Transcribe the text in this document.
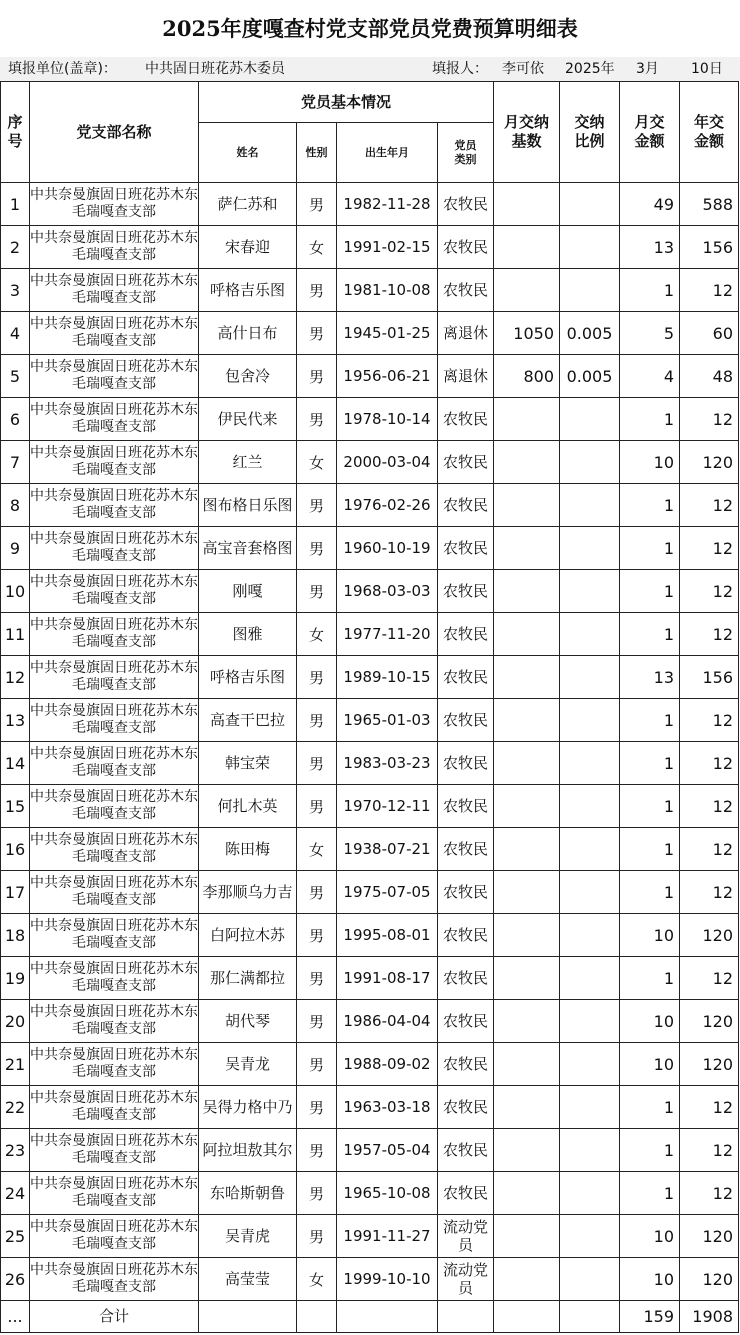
2025年度嘎查村党支部党员党费预算明细表
填报单位(盖章)： 中共固日班花苏木委员	填报人： 李可依 2025年 3月 10日
序号	党支部名称	党员基本情况				月交纳基数	交纳比例	月交金额	年交金额
		姓名	性别	出生年月	党员类别				
1	中共奈曼旗固日班花苏木东毛瑞嘎查支部	萨仁苏和	男	1982-11-28	农牧民			49	588
2	中共奈曼旗固日班花苏木东毛瑞嘎查支部	宋春迎	女	1991-02-15	农牧民			13	156
3	中共奈曼旗固日班花苏木东毛瑞嘎查支部	呼格吉乐图	男	1981-10-08	农牧民			1	12
4	中共奈曼旗固日班花苏木东毛瑞嘎查支部	高什日布	男	1945-01-25	离退休	1050	0.005	5	60
5	中共奈曼旗固日班花苏木东毛瑞嘎查支部	包舍冷	男	1956-06-21	离退休	800	0.005	4	48
6	中共奈曼旗固日班花苏木东毛瑞嘎查支部	伊民代来	男	1978-10-14	农牧民			1	12
7	中共奈曼旗固日班花苏木东毛瑞嘎查支部	红兰	女	2000-03-04	农牧民			10	120
8	中共奈曼旗固日班花苏木东毛瑞嘎查支部	图布格日乐图	男	1976-02-26	农牧民			1	12
9	中共奈曼旗固日班花苏木东毛瑞嘎查支部	高宝音套格图	男	1960-10-19	农牧民			1	12
10	中共奈曼旗固日班花苏木东毛瑞嘎查支部	刚嘎	男	1968-03-03	农牧民			1	12
11	中共奈曼旗固日班花苏木东毛瑞嘎查支部	图雅	女	1977-11-20	农牧民			1	12
12	中共奈曼旗固日班花苏木东毛瑞嘎查支部	呼格吉乐图	男	1989-10-15	农牧民			13	156
13	中共奈曼旗固日班花苏木东毛瑞嘎查支部	高查干巴拉	男	1965-01-03	农牧民			1	12
14	中共奈曼旗固日班花苏木东毛瑞嘎查支部	韩宝荣	男	1983-03-23	农牧民			1	12
15	中共奈曼旗固日班花苏木东毛瑞嘎查支部	何扎木英	男	1970-12-11	农牧民			1	12
16	中共奈曼旗固日班花苏木东毛瑞嘎查支部	陈田梅	女	1938-07-21	农牧民			1	12
17	中共奈曼旗固日班花苏木东毛瑞嘎查支部	李那顺乌力吉	男	1975-07-05	农牧民			1	12
18	中共奈曼旗固日班花苏木东毛瑞嘎查支部	白阿拉木苏	男	1995-08-01	农牧民			10	120
19	中共奈曼旗固日班花苏木东毛瑞嘎查支部	那仁满都拉	男	1991-08-17	农牧民			1	12
20	中共奈曼旗固日班花苏木东毛瑞嘎查支部	胡代琴	男	1986-04-04	农牧民			10	120
21	中共奈曼旗固日班花苏木东毛瑞嘎查支部	吴青龙	男	1988-09-02	农牧民			10	120
22	中共奈曼旗固日班花苏木东毛瑞嘎查支部	吴得力格中乃	男	1963-03-18	农牧民			1	12
23	中共奈曼旗固日班花苏木东毛瑞嘎查支部	阿拉坦敖其尔	男	1957-05-04	农牧民			1	12
24	中共奈曼旗固日班花苏木东毛瑞嘎查支部	东哈斯朝鲁	男	1965-10-08	农牧民			1	12
25	中共奈曼旗固日班花苏木东毛瑞嘎查支部	吴青虎	男	1991-11-27	流动党员			10	120
26	中共奈曼旗固日班花苏木东毛瑞嘎查支部	高莹莹	女	1999-10-10	流动党员			10	120
...	合计							159	1908
